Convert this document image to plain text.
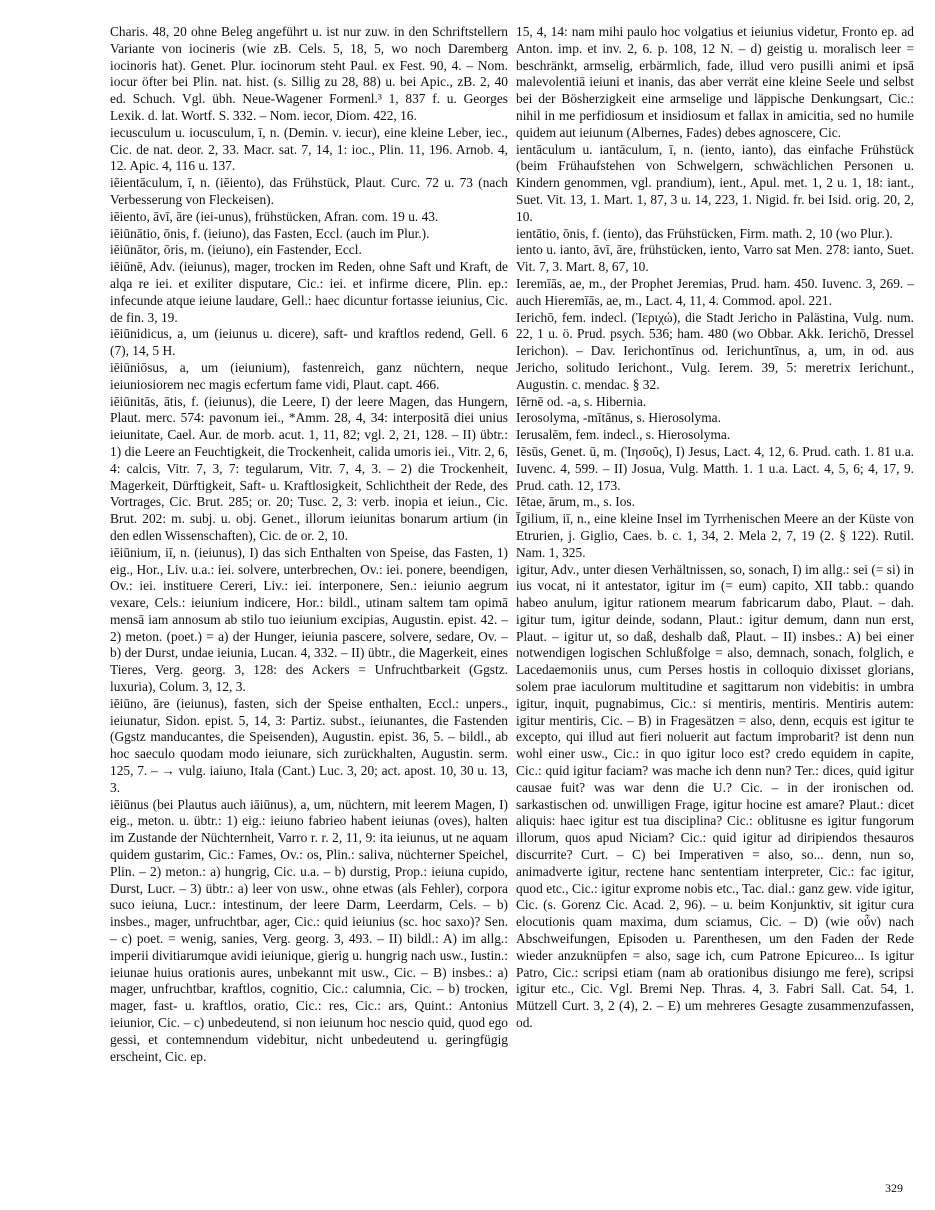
Charis. 48, 20 ohne Beleg angeführt u. ist nur zuw. in den Schriftstellern Variante von iocineris (wie zB. Cels. 5, 18, 5, wo noch Daremberg iocinoris hat). Genet. Plur. iocinorum steht Paul. ex Fest. 90, 4. – Nom. iocur öfter bei Plin. nat. hist. (s. Sillig zu 28, 88) u. bei Apic., zB. 2, 40 ed. Schuch. Vgl. übh. Neue-Wagener Formenl.³ 1, 837 f. u. Georges Lexik. d. lat. Wortf. S. 332. – Nom. iecor, Diom. 422, 16.

iecusculum u. iocusculum, ī, n. (Demin. v. iecur), eine kleine Leber, iec., Cic. de nat. deor. 2, 33. Macr. sat. 7, 14, 1: ioc., Plin. 11, 196. Arnob. 4, 12. Apic. 4, 116 u. 137.

iēientāculum, ī, n. (iēiento), das Frühstück, Plaut. Curc. 72 u. 73 (nach Verbesserung von Fleckeisen).

iēiento, āvī, āre (iei-unus), frühstücken, Afran. com. 19 u. 43.

iēiūnātio, ōnis, f. (ieiuno), das Fasten, Eccl. (auch im Plur.).

iēiūnātor, ōris, m. (ieiuno), ein Fastender, Eccl.

iēiūnē, Adv. (ieiunus), mager, trocken im Reden, ohne Saft und Kraft, de alqa re iei. et exiliter disputare, Cic.: iei. et infirme dicere, Plin. ep.: infecunde atque ieiune laudare, Gell.: haec dicuntur fortasse ieiunius, Cic. de fin. 3, 19.

iēiūnidicus, a, um (ieiunus u. dicere), saft- und kraftlos redend, Gell. 6 (7), 14, 5 H.

iēiūniōsus, a, um (ieiunium), fastenreich, ganz nüchtern, neque ieiuniosiorem nec magis ecfertum fame vidi, Plaut. capt. 466.

iēiūnitās, ātis, f. (ieiunus), die Leere, I) der leere Magen, das Hungern, Plaut. merc. 574: pavonum iei., *Amm. 28, 4, 34: interpositā diei unius ieiunitate, Cael. Aur. de morb. acut. 1, 11, 82; vgl. 2, 21, 128. – II) übtr.: 1) die Leere an Feuchtigkeit, die Trockenheit, calida umoris iei., Vitr. 2, 6, 4: calcis, Vitr. 7, 3, 7: tegularum, Vitr. 7, 4, 3. – 2) die Trockenheit, Magerkeit, Dürftigkeit, Saft- u. Kraftlosigkeit, Schlichtheit der Rede, des Vortrages, Cic. Brut. 285; or. 20; Tusc. 2, 3: verb. inopia et ieiun., Cic. Brut. 202: m. subj. u. obj. Genet., illorum ieiunitas bonarum artium (in den edlen Wissenschaften), Cic. de or. 2, 10.

iēiūnium, iī, n. (ieiunus), I) das sich Enthalten von Speise, das Fasten, 1) eig., Hor., Liv. u.a.: iei. solvere, unterbrechen, Ov.: iei. ponere, beendigen, Ov.: iei. instituere Cereri, Liv.: iei. interponere, Sen.: ieiunio aegrum vexare, Cels.: ieiunium indicere, Hor.: bildl., utinam saltem tam opimā mensā iam annosum ab stilo tuo ieiunium excipias, Augustin. epist. 42. – 2) meton. (poet.) = a) der Hunger, ieiunia pascere, solvere, sedare, Ov. – b) der Durst, undae ieiunia, Lucan. 4, 332. – II) übtr., die Magerkeit, eines Tieres, Verg. georg. 3, 128: des Ackers = Unfruchtbarkeit (Ggstz. luxuria), Colum. 3, 12, 3.

iēiūno, āre (ieiunus), fasten, sich der Speise enthalten, Eccl.: unpers., ieiunatur, Sidon. epist. 5, 14, 3: Partiz. subst., ieiunantes, die Fastenden (Ggstz manducantes, die Speisenden), Augustin. epist. 36, 5. – bildl., ab hoc saeculo quodam modo ieiunare, sich zurückhalten, Augustin. serm. 125, 7. – → vulg. iaiuno, Itala (Cant.) Luc. 3, 20; act. apost. 10, 30 u. 13, 3.

iēiūnus (bei Plautus auch iāiūnus), a, um, nüchtern, mit leerem Magen, I) eig., meton. u. übtr.: 1) eig.: ieiuno fabrieo habent ieiunas (oves), halten im Zustande der Nüchternheit, Varro r. r. 2, 11, 9: ita ieiunus, ut ne aquam quidem gustarim, Cic.: Fames, Ov.: os, Plin.: saliva, nüchterner Speichel, Plin. – 2) meton.: a) hungrig, Cic. u.a. – b) durstig, Prop.: ieiuna cupido, Durst, Lucr. – 3) übtr.: a) leer von usw., ohne etwas (als Fehler), corpora suco ieiuna, Lucr.: intestinum, der leere Darm, Leerdarm, Cels. – b) insbes., mager, unfruchtbar, ager, Cic.: quid ieiunius (sc. hoc saxo)? Sen. – c) poet. = wenig, sanies, Verg. georg. 3, 493. – II) bildl.: A) im allg.: imperii divitiarumque avidi ieiunique, gierig u. hungrig nach usw., Iustin.: ieiunae huius orationis aures, unbekannt mit usw., Cic. – B) insbes.: a) mager, unfruchtbar, kraftlos, cognitio, Cic.: calumnia, Cic. – b) trocken, mager, fast- u. kraftlos, oratio, Cic.: res, Cic.: ars, Quint.: Antonius ieiunior, Cic. – c) unbedeutend, si non ieiunum hoc nescio quid, quod ego gessi, et contemnendum videbitur, nicht unbedeutend u. geringfügig erscheint, Cic. ep.

15, 4, 14: nam mihi paulo hoc volgatius et ieiunius videtur, Fronto ep. ad Anton. imp. et inv. 2, 6. p. 108, 12 N. – d) geistig u. moralisch leer = beschränkt, armselig, erbärmlich, fade, illud vero pusilli animi et ipsā malevolentiā ieiuni et inanis, das aber verrät eine kleine Seele und selbst bei der Bösherzigkeit eine armselige und läppische Denkungsart, Cic.: nihil in me perfidiosum et insidiosum et fallax in amicitia, sed no humile quidem aut ieiunum (Albernes, Fades) debes agnoscere, Cic.

ientāculum u. iantāculum, ī, n. (iento, ianto), das einfache Frühstück (beim Frühaufstehen von Schwelgern, schwächlichen Personen u. Kindern genommen, vgl. prandium), ient., Apul. met. 1, 2 u. 1, 18: iant., Suet. Vit. 13, 1. Mart. 1, 87, 3 u. 14, 223, 1. Nigid. fr. bei Isid. orig. 20, 2, 10.

ientātio, ōnis, f. (iento), das Frühstücken, Firm. math. 2, 10 (wo Plur.).

iento u. ianto, āvī, āre, frühstücken, iento, Varro sat Men. 278: ianto, Suet. Vit. 7, 3. Mart. 8, 67, 10.

Ieremīās, ae, m., der Prophet Jeremias, Prud. ham. 450. Iuvenc. 3, 269. – auch Hieremīās, ae, m., Lact. 4, 11, 4. Commod. apol. 221.

Ierichō, fem. indecl. (Ἰεριχώ), die Stadt Jericho in Palästina, Vulg. num. 22, 1 u. ö. Prud. psych. 536; ham. 480 (wo Obbar. Akk. Ierichō, Dressel Ierichon). – Dav. Ierichontīnus od. Ierichuntīnus, a, um, in od. aus Jericho, solitudo Ierichont., Vulg. Ierem. 39, 5: meretrix Ierichunt., Augustin. c. mendac. § 32.

Iērnē od. -a, s. Hibernia.

Ierosolyma, -mītānus, s. Hierosolyma.

Ierusalēm, fem. indecl., s. Hierosolyma.

Iēsūs, Genet. ū, m. (Ἰησοῦς), I) Jesus, Lact. 4, 12, 6. Prud. cath. 1. 81 u.a. Iuvenc. 4, 599. – II) Josua, Vulg. Matth. 1. 1 u.a. Lact. 4, 5, 6; 4, 17, 9. Prud. cath. 12, 173.

Iētae, ārum, m., s. Ios.

Īgilium, iī, n., eine kleine Insel im Tyrrhenischen Meere an der Küste von Etrurien, j. Giglio, Caes. b. c. 1, 34, 2. Mela 2, 7, 19 (2. § 122). Rutil. Nam. 1, 325.

igitur, Adv., unter diesen Verhältnissen, so, sonach, I) im allg.: sei (= si) in ius vocat, ni it antestator, igitur im (= eum) capito, XII tabb.: quando habeo anulum, igitur rationem mearum fabricarum dabo, Plaut. – dah. igitur tum, igitur deinde, sodann, Plaut.: igitur demum, dann nun erst, Plaut. – igitur ut, so daß, deshalb daß, Plaut. – II) insbes.: A) bei einer notwendigen logischen Schlußfolge = also, demnach, sonach, folglich, e Lacedaemoniis unus, cum Perses hostis in colloquio dixisset glorians, solem prae iaculorum multitudine et sagittarum non videbitis: in umbra igitur, inquit, pugnabimus, Cic.: si mentiris, mentiris. Mentiris autem: igitur mentiris, Cic. – B) in Fragesätzen = also, denn, ecquis est igitur te excepto, qui illud aut fieri noluerit aut factum improbarit? ist denn nun wohl einer usw., Cic.: in quo igitur loco est? credo equidem in capite, Cic.: quid igitur faciam? was mache ich denn nun? Ter.: dices, quid igitur causae fuit? was war denn die U.? Cic. – in der ironischen od. sarkastischen od. unwilligen Frage, igitur hocine est amare? Plaut.: dicet aliquis: haec igitur est tua disciplina? Cic.: oblitusne es igitur fungorum illorum, quos apud Niciam? Cic.: quid igitur ad diripiendos thesauros discurrite? Curt. – C) bei Imperativen = also, so... denn, nun so, animadverte igitur, rectene hanc sententiam interpreter, Cic.: fac igitur, quod etc., Cic.: igitur exprome nobis etc., Tac. dial.: ganz gew. vide igitur, Cic. (s. Gorenz Cic. Acad. 2, 96). – u. beim Konjunktiv, sit igitur cura elocutionis quam maxima, dum sciamus, Cic. – D) (wie οὖν) nach Abschweifungen, Episoden u. Parenthesen, um den Faden der Rede wieder anzuknüpfen = also, sage ich, cum Patrone Epicureo... Is igitur Patro, Cic.: scripsi etiam (nam ab orationibus disiungo me fere), scripsi igitur etc., Cic. Vgl. Bremi Nep. Thras. 4, 3. Fabri Sall. Cat. 54, 1. Mützell Curt. 3, 2 (4), 2. – E) um mehreres Gesagte zusammenzufassen, od.

329
